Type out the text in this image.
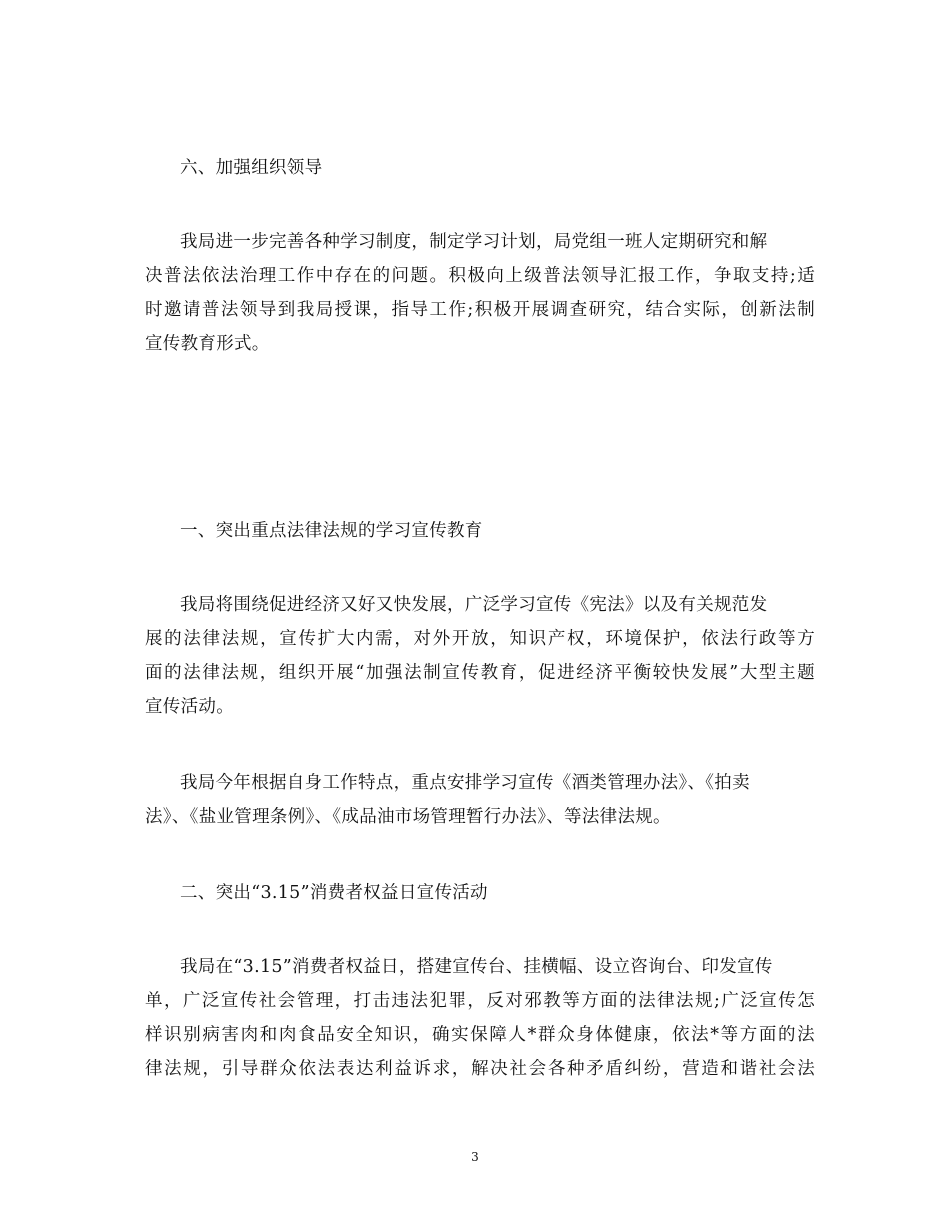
六、加强组织领导
我局进一步完善各种学习制度，制定学习计划，局党组一班人定期研究和解
决普法依法治理工作中存在的问题。积极向上级普法领导汇报工作，争取支持;适
时邀请普法领导到我局授课，指导工作;积极开展调查研究，结合实际，创新法制
宣传教育形式。
一、突出重点法律法规的学习宣传教育
我局将围绕促进经济又好又快发展，广泛学习宣传《宪法》以及有关规范发
展的法律法规，宣传扩大内需，对外开放，知识产权，环境保护，依法行政等方
面的法律法规，组织开展“加强法制宣传教育，促进经济平衡较快发展”大型主题
宣传活动。
我局今年根据自身工作特点，重点安排学习宣传《酒类管理办法》、《拍卖
法》、《盐业管理条例》、《成品油市场管理暂行办法》、等法律法规。
二、突出“3.15”消费者权益日宣传活动
我局在“3.15”消费者权益日，搭建宣传台、挂横幅、设立咨询台、印发宣传
单，广泛宣传社会管理，打击违法犯罪，反对邪教等方面的法律法规;广泛宣传怎
样识别病害肉和肉食品安全知识，确实保障人*群众身体健康，依法*等方面的法
律法规，引导群众依法表达利益诉求，解决社会各种矛盾纠纷，营造和谐社会法
3
